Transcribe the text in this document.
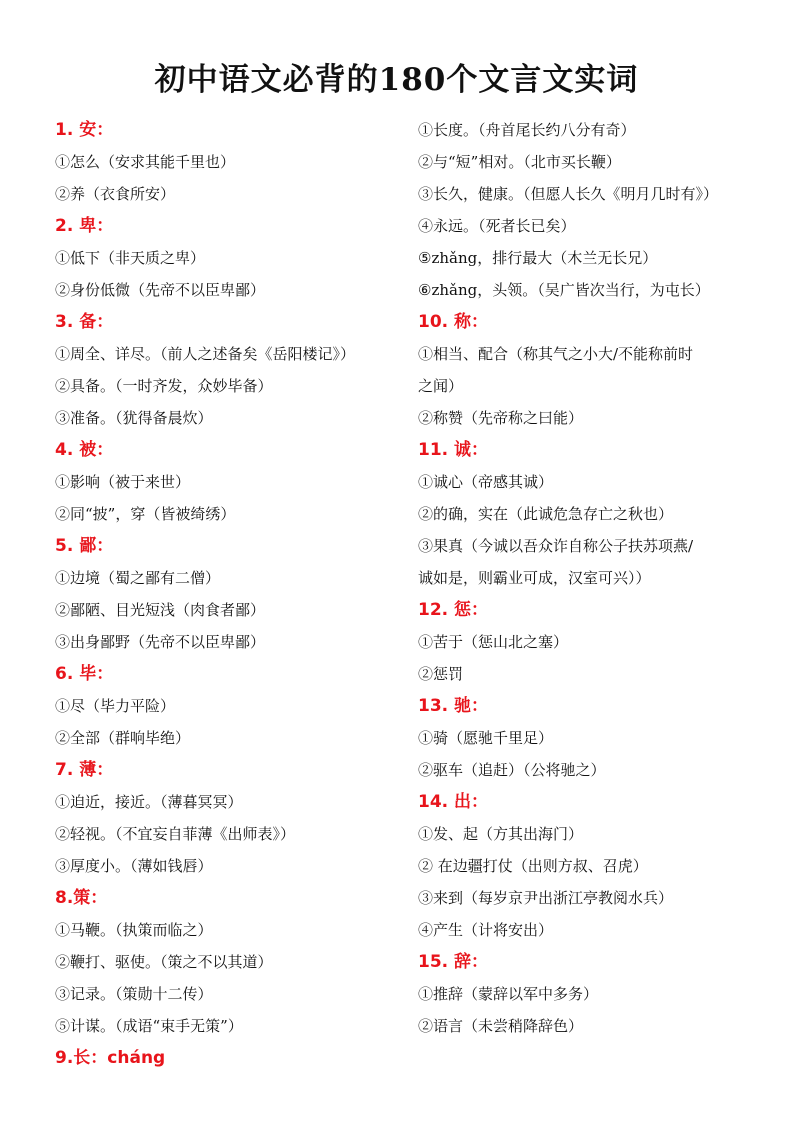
初中语文必背的180个文言文实词
1. 安：
①怎么（安求其能千里也）
②养（衣食所安）
2. 卑：
①低下（非天质之卑）
②身份低微（先帝不以臣卑鄙）
3. 备：
①周全、详尽。（前人之述备矣《岳阳楼记》）
②具备。（一时齐发，众妙毕备）
③准备。（犹得备晨炊）
4. 被：
①影响（被于来世）
②同“披”，穿（皆被绮绣）
5. 鄙：
①边境（蜀之鄙有二僧）
②鄙陋、目光短浅（肉食者鄙）
③出身鄙野（先帝不以臣卑鄙）
6. 毕：
①尽（毕力平险）
②全部（群响毕绝）
7. 薄：
①迫近，接近。（薄暮冥冥）
②轻视。（不宜妄自菲薄《出师表》）
③厚度小。（薄如钱唇）
8.策：
①马鞭。（执策而临之）
②鞭打、驱使。（策之不以其道）
③记录。（策勋十二传）
⑤计谋。（成语“束手无策”）
9.长：cháng
①长度。（舟首尾长约八分有奇）
②与“短”相对。（北市买长鞭）
③长久，健康。（但愿人长久《明月几时有》）
④永远。（死者长已矣）
⑤zhǎng，排行最大（木兰无长兄）
⑥zhǎng，头领。（吴广皆次当行，为屯长）
10. 称：
①相当、配合（称其气之小大/不能称前时
之闻）
②称赞（先帝称之曰能）
11. 诚：
①诚心（帝感其诚）
②的确，实在（此诚危急存亡之秋也）
③果真（今诚以吾众诈自称公子扶苏项燕/
诚如是，则霸业可成，汉室可兴））
12. 惩：
①苦于（惩山北之塞）
②惩罚
13. 驰：
①骑（愿驰千里足）
②驱车（追赶）（公将驰之）
14. 出：
①发、起（方其出海门）
② 在边疆打仗（出则方叔、召虎）
③来到（每岁京尹出浙江亭教阅水兵）
④产生（计将安出）
15. 辞：
①推辞（蒙辞以军中多务）
②语言（未尝稍降辞色）
